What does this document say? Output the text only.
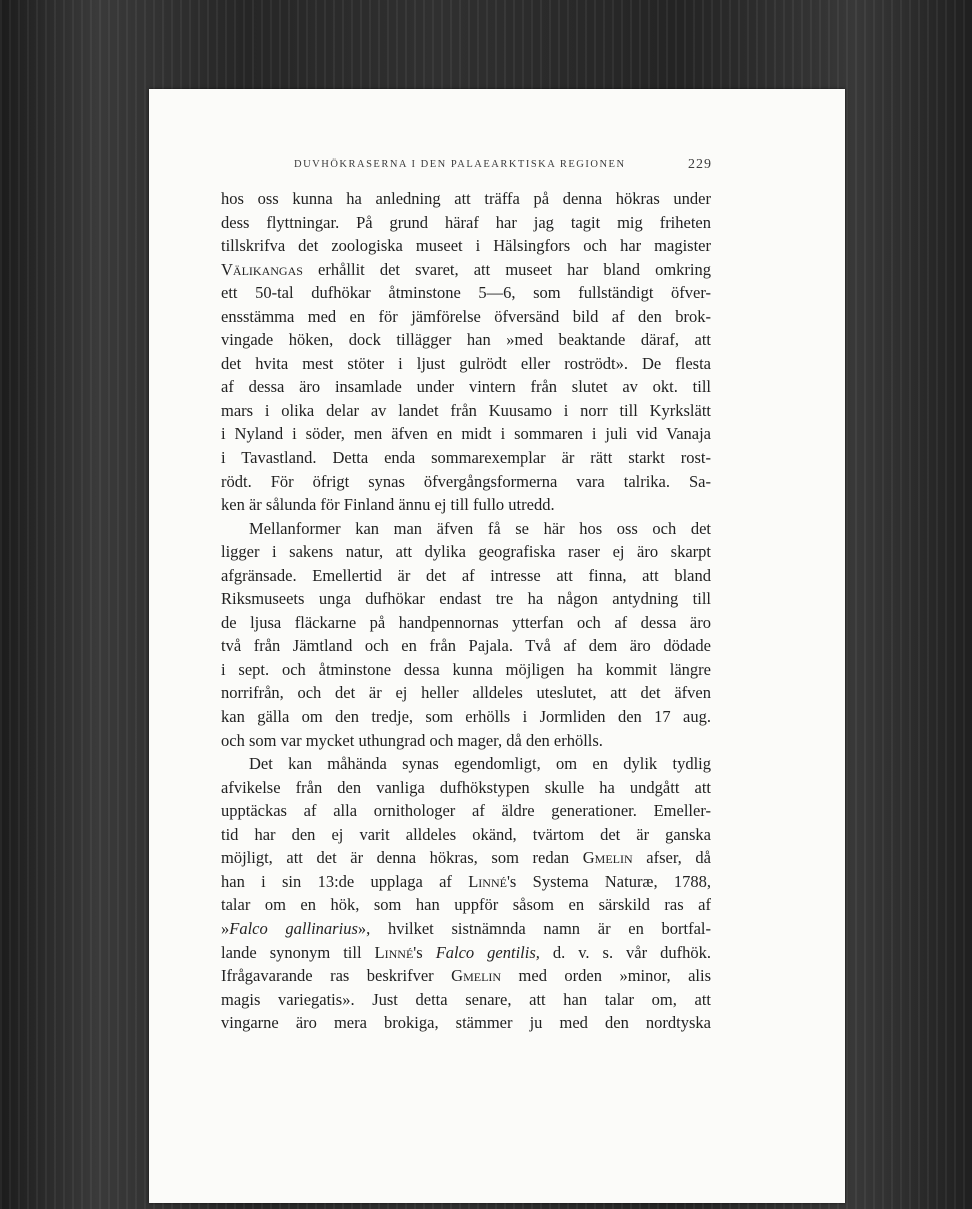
DUVHÖKRASERNA I DEN PALAEARKTISKA REGIONEN	229
hos oss kunna ha anledning att träffa på denna hökras under
dess flyttningar. På grund häraf har jag tagit mig friheten
tillskrifva det zoologiska museet i Hälsingfors och har magister
Välikangas erhållit det svaret, att museet har bland omkring
ett 50-tal dufhökar åtminstone 5—6, som fullständigt öfver-
ensstämma med en för jämförelse öfversänd bild af den brok-
vingade höken, dock tillägger han »med beaktande däraf, att
det hvita mest stöter i ljust gulrödt eller roströdt». De flesta
af dessa äro insamlade under vintern från slutet av okt. till
mars i olika delar av landet från Kuusamo i norr till Kyrkslätt
i Nyland i söder, men äfven en midt i sommaren i juli vid Vanaja
i Tavastland. Detta enda sommarexemplar är rätt starkt rost-
rödt. För öfrigt synas öfvergångsformerna vara talrika. Sa-
ken är sålunda för Finland ännu ej till fullo utredd.
Mellanformer kan man äfven få se här hos oss och det
ligger i sakens natur, att dylika geografiska raser ej äro skarpt
afgränsade. Emellertid är det af intresse att finna, att bland
Riksmuseets unga dufhökar endast tre ha någon antydning till
de ljusa fläckarne på handpennornas ytterfan och af dessa äro
två från Jämtland och en från Pajala. Två af dem äro dödade
i sept. och åtminstone dessa kunna möjligen ha kommit längre
norrifrån, och det är ej heller alldeles uteslutet, att det äfven
kan gälla om den tredje, som erhölls i Jormliden den 17 aug.
och som var mycket uthungrad och mager, då den erhölls.
Det kan måhända synas egendomligt, om en dylik tydlig
afvikelse från den vanliga dufhökstypen skulle ha undgått att
upptäckas af alla ornithologer af äldre generationer. Emeller-
tid har den ej varit alldeles okänd, tvärtom det är ganska
möjligt, att det är denna hökras, som redan Gmelin afser, då
han i sin 13:de upplaga af Linné's Systema Naturæ, 1788,
talar om en hök, som han uppför såsom en särskild ras af
»Falco gallinarius», hvilket sistnämnda namn är en bortfal-
lande synonym till Linné's Falco gentilis, d. v. s. vår dufhök.
Ifrågavarande ras beskrifver Gmelin med orden »minor, alis
magis variegatis». Just detta senare, att han talar om, att
vingarne äro mera brokiga, stämmer ju med den nordtyska
